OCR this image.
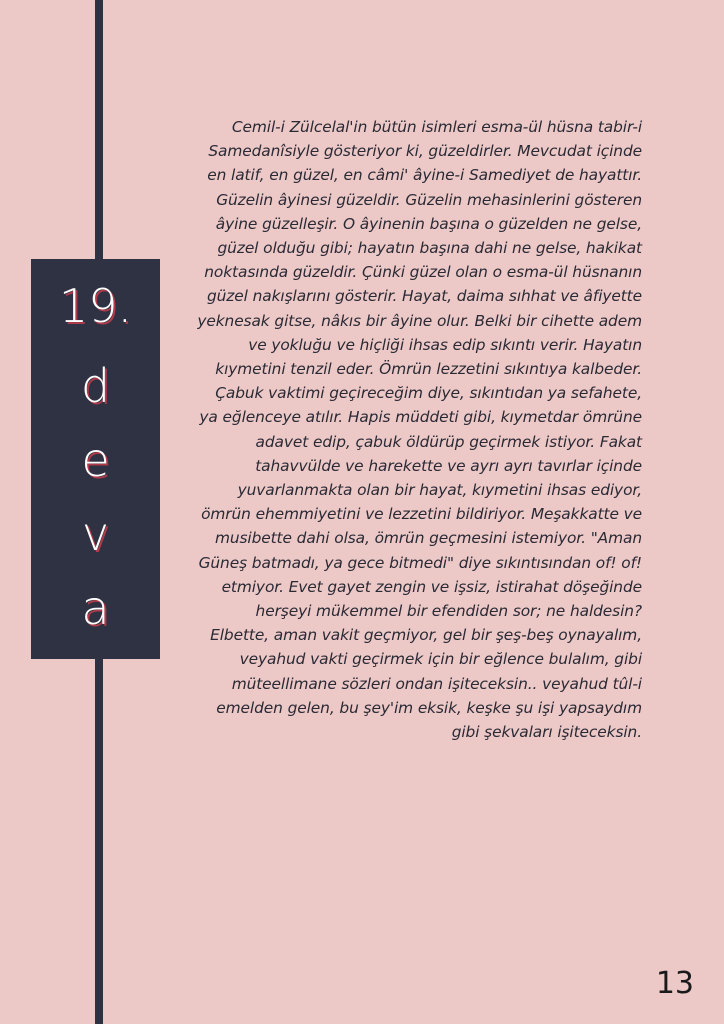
19.
d
e
v
a

Cemil-i Zülcelal'in bütün isimleri esma-ül hüsna tabir-i Samedanîsiyle gösteriyor ki, güzeldirler. Mevcudat içinde en latif, en güzel, en câmi' âyine-i Samediyet de hayattır. Güzelin âyinesi güzeldir. Güzelin mehasinlerini gösteren âyine güzelleşir. O âyinenin başına o güzelden ne gelse, güzel olduğu gibi; hayatın başına dahi ne gelse, hakikat noktasında güzeldir. Çünki güzel olan o esma-ül hüsnanın güzel nakışlarını gösterir. Hayat, daima sıhhat ve âfiyette yeknesak gitse, nâkıs bir âyine olur. Belki bir cihette adem ve yokluğu ve hiçliği ihsas edip sıkıntı verir. Hayatın kıymetini tenzil eder. Ömrün lezzetini sıkıntıya kalbeder. Çabuk vaktimi geçireceğim diye, sıkıntıdan ya sefahete, ya eğlenceye atılır. Hapis müddeti gibi, kıymetdar ömrüne adavet edip, çabuk öldürüp geçirmek istiyor. Fakat tahavvülde ve harekette ve ayrı ayrı tavırlar içinde yuvarlanmakta olan bir hayat, kıymetini ihsas ediyor, ömrün ehemmiyetini ve lezzetini bildiriyor. Meşakkatte ve musibette dahi olsa, ömrün geçmesini istemiyor. "Aman Güneş batmadı, ya gece bitmedi" diye sıkıntısından of! of! etmiyor. Evet gayet zengin ve işsiz, istirahat döşeğinde herşeyi mükemmel bir efendiden sor; ne haldesin? Elbette, aman vakit geçmiyor, gel bir şeş-beş oynayalım, veyahud vakti geçirmek için bir eğlence bulalım, gibi müteellimane sözleri ondan işiteceksin.. veyahud tûl-i emelden gelen, bu şey'im eksik, keşke şu işi yapsaydım gibi şekvaları işiteceksin.

13
